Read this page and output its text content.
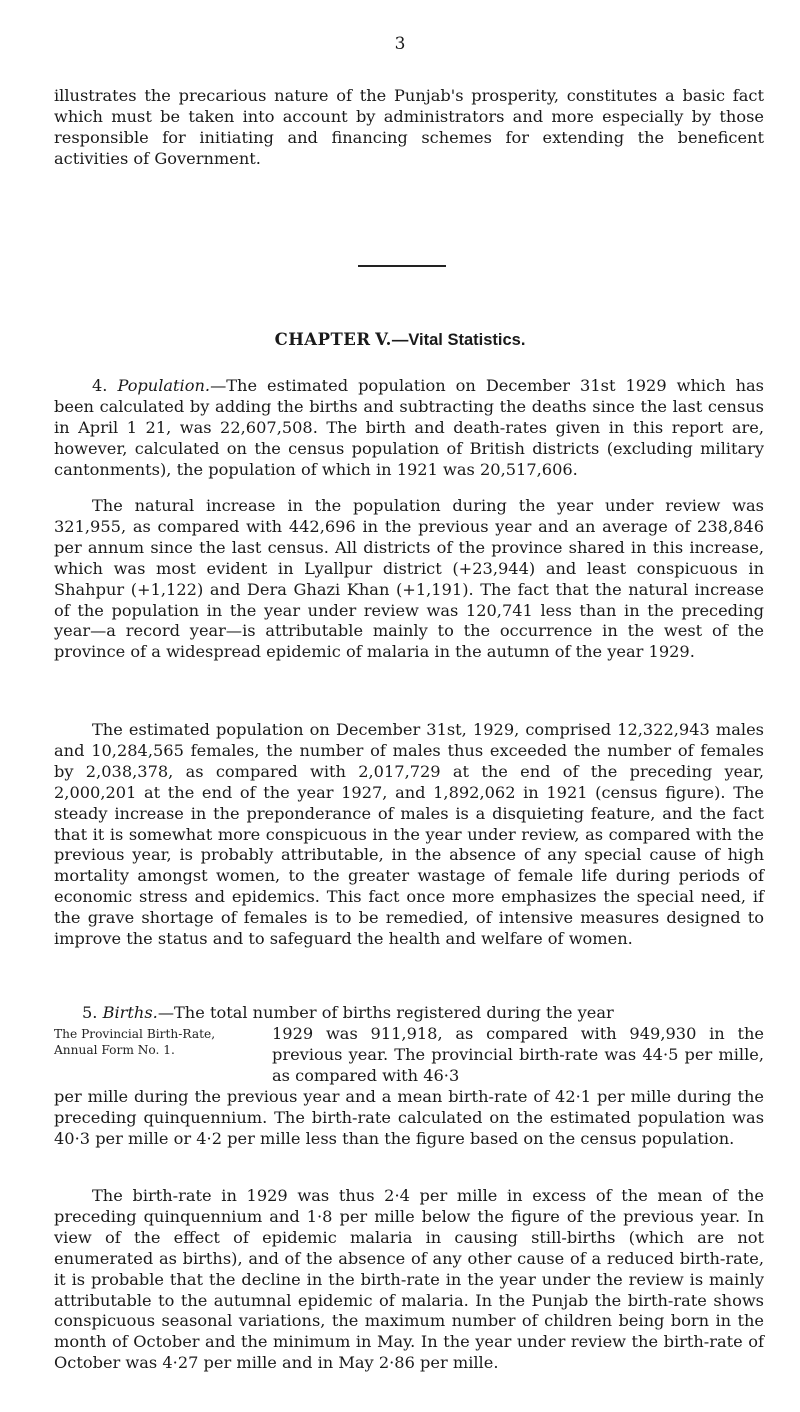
3

illustrates the precarious nature of the Punjab's prosperity, constitutes a basic fact which must be taken into account by administrators and more especially by those responsible for initiating and financing schemes for extending the beneficent activities of Government.

CHAPTER V.—Vital Statistics.

4. Population.—The estimated population on December 31st 1929 which has been calculated by adding the births and subtracting the deaths since the last census in April 1 21, was 22,607,508. The birth and death-rates given in this report are, however, calculated on the census population of British districts (excluding military cantonments), the population of which in 1921 was 20,517,606.

The natural increase in the population during the year under review was 321,955, as compared with 442,696 in the previous year and an average of 238,846 per annum since the last census. All districts of the province shared in this increase, which was most evident in Lyallpur district (+23,944) and least conspicuous in Shahpur (+1,122) and Dera Ghazi Khan (+1,191). The fact that the natural increase of the population in the year under review was 120,741 less than in the preceding year—a record year—is attributable mainly to the occurrence in the west of the province of a widespread epidemic of malaria in the autumn of the year 1929.

The estimated population on December 31st, 1929, comprised 12,322,943 males and 10,284,565 females, the number of males thus exceeded the number of females by 2,038,378, as compared with 2,017,729 at the end of the preceding year, 2,000,201 at the end of the year 1927, and 1,892,062 in 1921 (census figure). The steady increase in the preponderance of males is a disquieting feature, and the fact that it is somewhat more conspicuous in the year under review, as compared with the previous year, is probably attributable, in the absence of any special cause of high mortality amongst women, to the greater wastage of female life during periods of economic stress and epidemics. This fact once more emphasizes the special need, if the grave shortage of females is to be remedied, of intensive measures designed to improve the status and to safeguard the health and welfare of women.

5. Births.—The total number of births registered during the year
The Provincial Birth-Rate, Annual Form No. 1.

1929 was 911,918, as compared with 949,930 in the previous year. The provincial birth-rate was 44·5 per mille, as compared with 46·3

per mille during the previous year and a mean birth-rate of 42·1 per mille during the preceding quinquennium. The birth-rate calculated on the estimated population was 40·3 per mille or 4·2 per mille less than the figure based on the census population.

The birth-rate in 1929 was thus 2·4 per mille in excess of the mean of the preceding quinquennium and 1·8 per mille below the figure of the previous year. In view of the effect of epidemic malaria in causing still-births (which are not enumerated as births), and of the absence of any other cause of a reduced birth-rate, it is probable that the decline in the birth-rate in the year under the review is mainly attributable to the autumnal epidemic of malaria. In the Punjab the birth-rate shows conspicuous seasonal variations, the maximum number of children being born in the month of October and the minimum in May. In the year under review the birth-rate of October was 4·27 per mille and in May 2·86 per mille.
